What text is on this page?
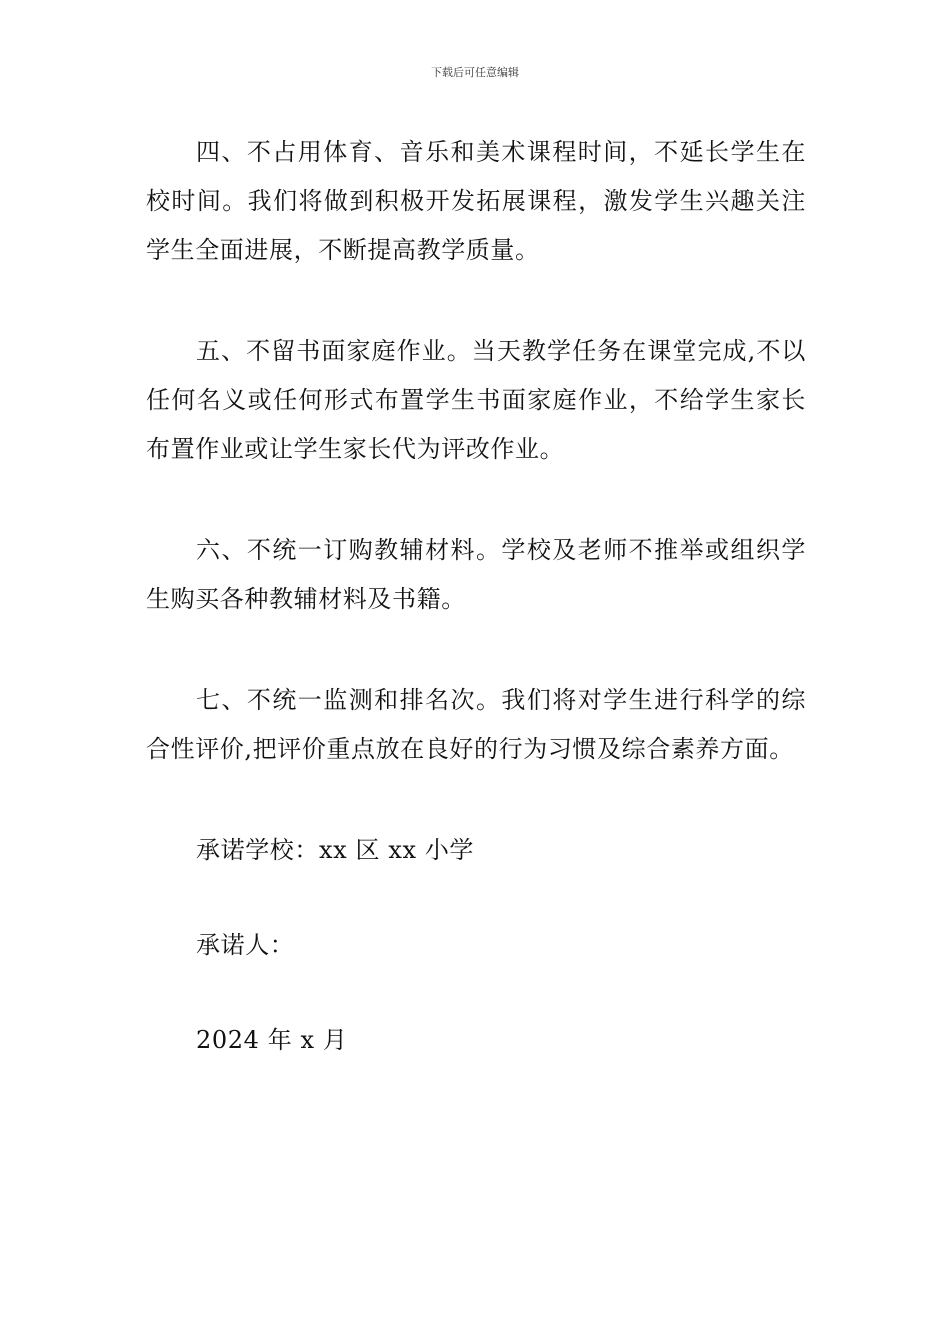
下载后可任意编辑

四、不占用体育、音乐和美术课程时间，不延长学生在校时间。我们将做到积极开发拓展课程，激发学生兴趣关注学生全面进展，不断提高教学质量。

五、不留书面家庭作业。当天教学任务在课堂完成,不以任何名义或任何形式布置学生书面家庭作业，不给学生家长布置作业或让学生家长代为评改作业。

六、不统一订购教辅材料。学校及老师不推举或组织学生购买各种教辅材料及书籍。

七、不统一监测和排名次。我们将对学生进行科学的综合性评价,把评价重点放在良好的行为习惯及综合素养方面。

承诺学校：xx 区 xx 小学

承诺人：

2024 年 x 月
